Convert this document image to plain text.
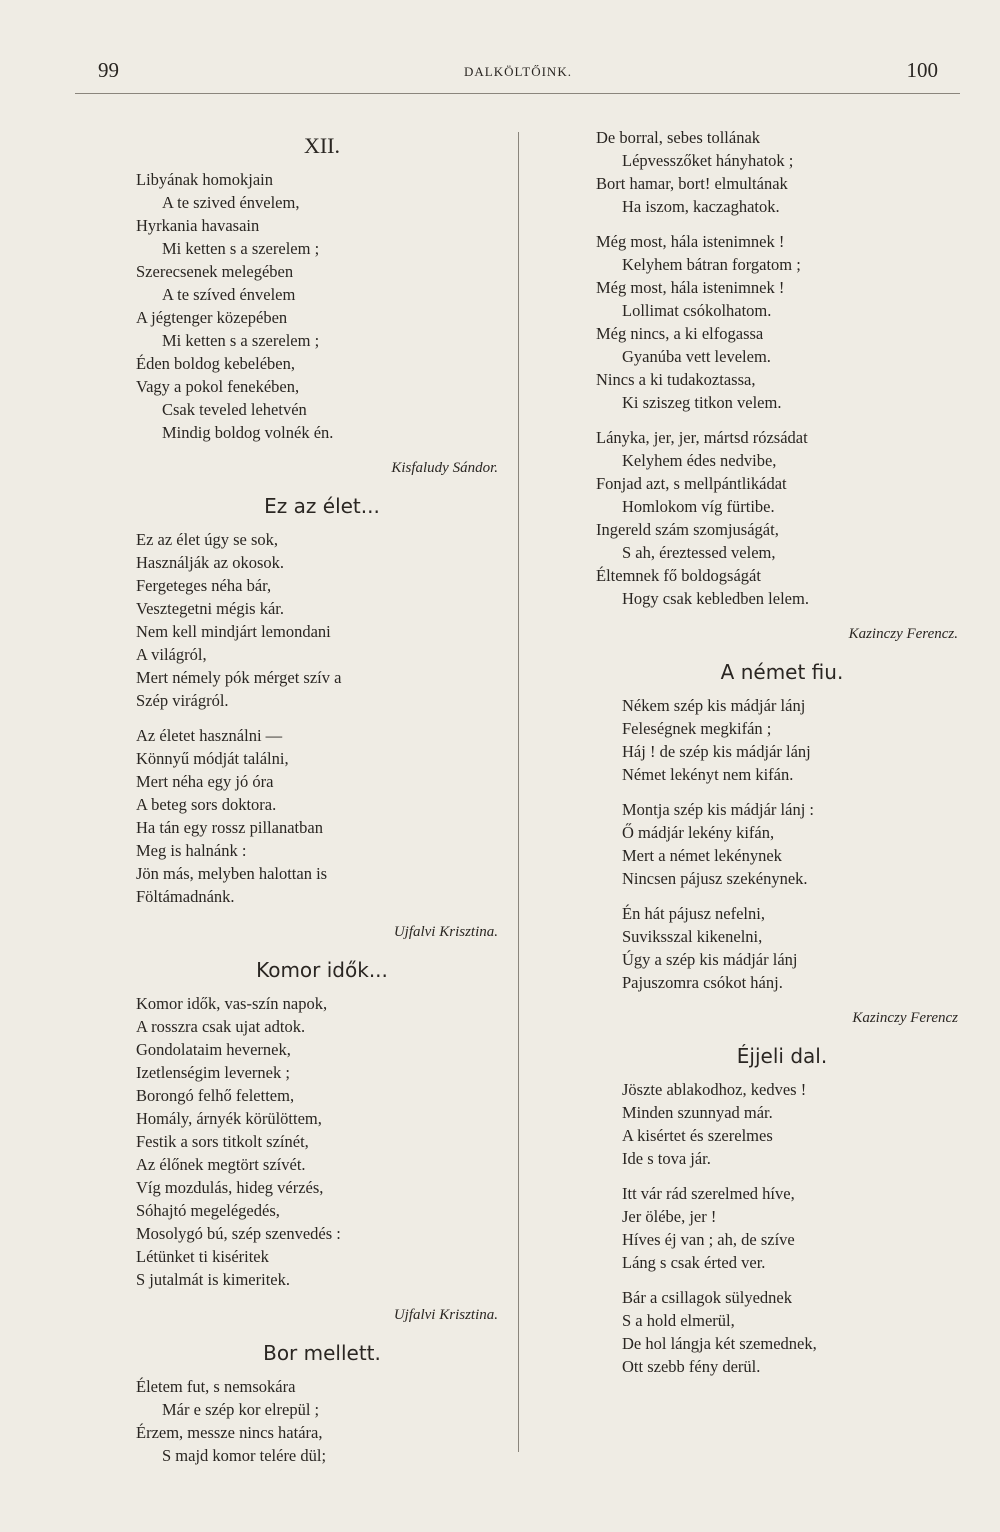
99	DALKÖLTŐINK.	100
XII.
Libyának homokjain
A te szived énvelem,
Hyrkania havasain
Mi ketten s a szerelem ;
Szerecsenek melegében
A te szíved énvelem
A jégtenger közepében
Mi ketten s a szerelem ;
Éden boldog kebelében,
Vagy a pokol fenekében,
Csak teveled lehetvén
Mindig boldog volnék én.
Kisfaludy Sándor.
Ez az élet...
Ez az élet úgy se sok,
Használják az okosok.
Fergeteges néha bár,
Vesztegetni mégis kár.
Nem kell mindjárt lemondani
A világról,
Mert némely pók mérget szív a
Szép virágról.
Az életet használni —
Könnyű módját találni,
Mert néha egy jó óra
A beteg sors doktora.
Ha tán egy rossz pillanatban
Meg is halnánk :
Jön más, melyben halottan is
Föltámadnánk.
Ujfalvi Krisztina.
Komor idők...
Komor idők, vas-szín napok,
A rosszra csak ujat adtok.
Gondolataim hevernek,
Izetlenségim levernek ;
Borongó felhő felettem,
Homály, árnyék körülöttem,
Festik a sors titkolt színét,
Az élőnek megtört szívét.
Víg mozdulás, hideg vérzés,
Sóhajtó megelégedés,
Mosolygó bú, szép szenvedés :
Létünket ti kiséritek
S jutalmát is kimeritek.
Ujfalvi Krisztina.
Bor mellett.
Életem fut, s nemsokára
Már e szép kor elrepül ;
Érzem, messze nincs határa,
S majd komor telére dül;
De borral, sebes tollának
Lépvesszőket hányhatok ;
Bort hamar, bort! elmultának
Ha iszom, kaczaghatok.
Még most, hála istenimnek !
Kelyhem bátran forgatom ;
Még most, hála istenimnek !
Lollimat csókolhatom.
Még nincs, a ki elfogassa
Gyanúba vett levelem.
Nincs a ki tudakoztassa,
Ki sziszeg titkon velem.
Lányka, jer, jer, mártsd rózsádat
Kelyhem édes nedvibe,
Fonjad azt, s mellpántlikádat
Homlokom víg fürtibe.
Ingereld szám szomjuságát,
S ah, éreztessed velem,
Éltemnek fő boldogságát
Hogy csak kebledben lelem.
Kazinczy Ferencz.
A német fiu.
Nékem szép kis mádjár lánj
Feleségnek megkifán ;
Háj ! de szép kis mádjár lánj
Német lekényt nem kifán.
Montja szép kis mádjár lánj :
Ő mádjár lekény kifán,
Mert a német lekénynek
Nincsen pájusz szekénynek.
Én hát pájusz nefelni,
Suviksszal kikenelni,
Úgy a szép kis mádjár lánj
Pajuszomra csókot hánj.
Kazinczy Ferencz
Éjjeli dal.
Jöszte ablakodhoz, kedves !
Minden szunnyad már.
A kisértet és szerelmes
Ide s tova jár.
Itt vár rád szerelmed híve,
Jer ölébe, jer !
Híves éj van ; ah, de szíve
Láng s csak érted ver.
Bár a csillagok sülyednek
S a hold elmerül,
De hol lángja két szemednek,
Ott szebb fény derül.
